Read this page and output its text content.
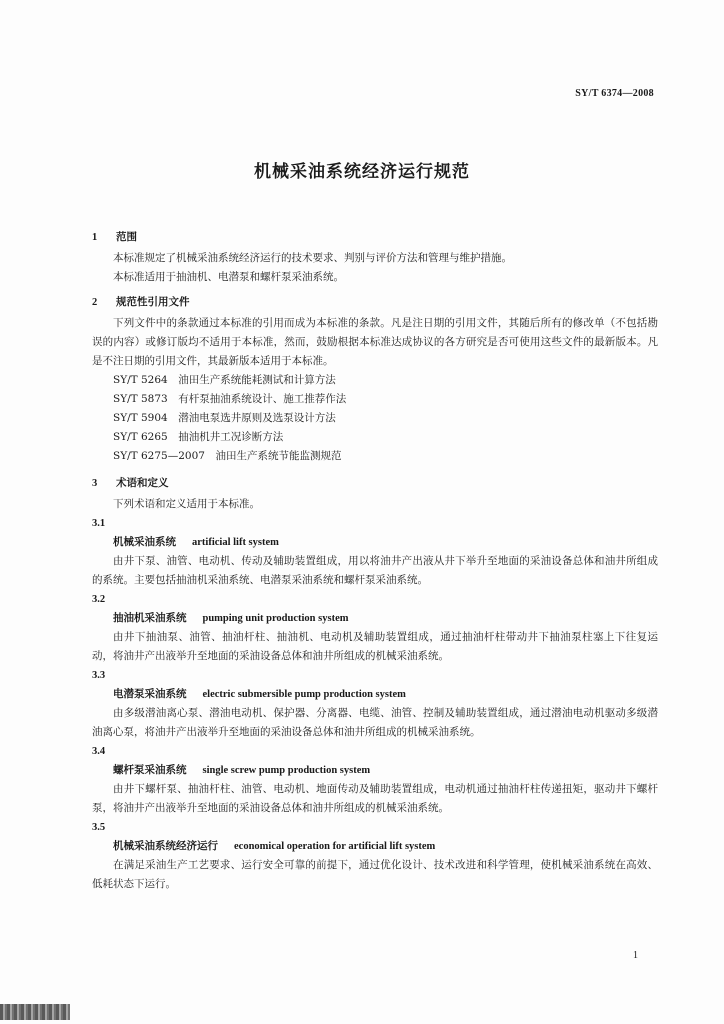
SY/T 6374—2008
机械采油系统经济运行规范
1 范围

本标准规定了机械采油系统经济运行的技术要求、判别与评价方法和管理与维护措施。

本标准适用于抽油机、电潜泵和螺杆泵采油系统。

2 规范性引用文件

下列文件中的条款通过本标准的引用而成为本标准的条款。凡是注日期的引用文件，其随后所有的修改单（不包括勘误的内容）或修订版均不适用于本标准，然而，鼓励根据本标准达成协议的各方研究是否可使用这些文件的最新版本。凡是不注日期的引用文件，其最新版本适用于本标准。

SY/T 5264　油田生产系统能耗测试和计算方法

SY/T 5873　有杆泵抽油系统设计、施工推荐作法

SY/T 5904　潜油电泵选井原则及选泵设计方法

SY/T 6265　抽油机井工况诊断方法

SY/T 6275—2007　油田生产系统节能监测规范

3 术语和定义

下列术语和定义适用于本标准。

3.1

机械采油系统 artificial lift system

由井下泵、油管、电动机、传动及辅助装置组成，用以将油井产出液从井下举升至地面的采油设备总体和油井所组成的系统。主要包括抽油机采油系统、电潜泵采油系统和螺杆泵采油系统。

3.2

抽油机采油系统 pumping unit production system

由井下抽油泵、油管、抽油杆柱、抽油机、电动机及辅助装置组成，通过抽油杆柱带动井下抽油泵柱塞上下往复运动，将油井产出液举升至地面的采油设备总体和油井所组成的机械采油系统。

3.3

电潜泵采油系统 electric submersible pump production system

由多级潜油离心泵、潜油电动机、保护器、分离器、电缆、油管、控制及辅助装置组成，通过潜油电动机驱动多级潜油离心泵，将油井产出液举升至地面的采油设备总体和油井所组成的机械采油系统。

3.4

螺杆泵采油系统 single screw pump production system

由井下螺杆泵、抽油杆柱、油管、电动机、地面传动及辅助装置组成，电动机通过抽油杆柱传递扭矩，驱动井下螺杆泵，将油井产出液举升至地面的采油设备总体和油井所组成的机械采油系统。

3.5

机械采油系统经济运行 economical operation for artificial lift system

在满足采油生产工艺要求、运行安全可靠的前提下，通过优化设计、技术改进和科学管理，使机械采油系统在高效、低耗状态下运行。

1
